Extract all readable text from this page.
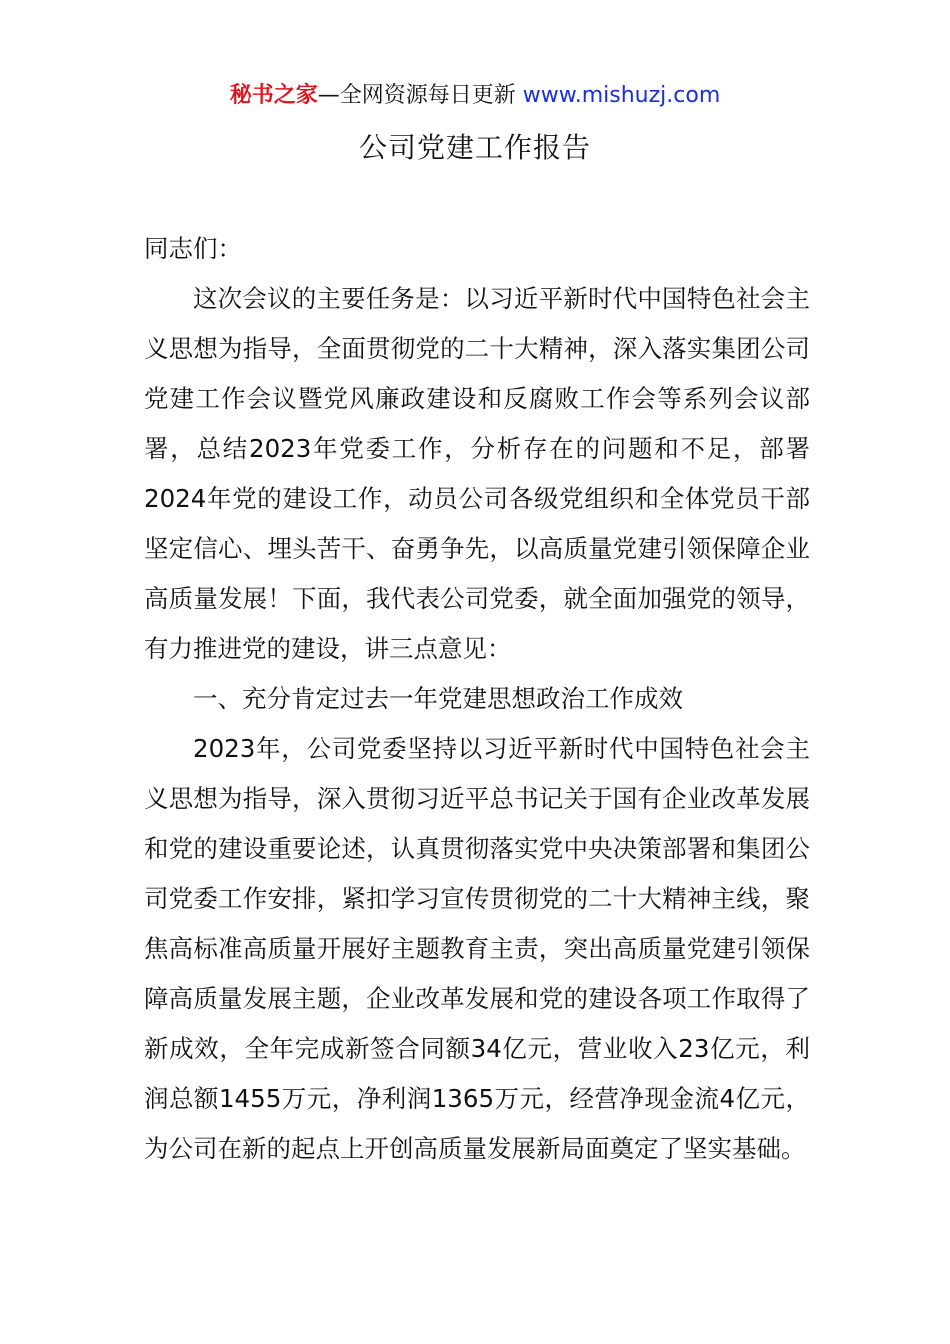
秘书之家—全网资源每日更新 www.mishuzj.com
公司党建工作报告

同志们：

这次会议的主要任务是：以习近平新时代中国特色社会主义思想为指导，全面贯彻党的二十大精神，深入落实集团公司党建工作会议暨党风廉政建设和反腐败工作会等系列会议部署，总结2023年党委工作，分析存在的问题和不足，部署2024年党的建设工作，动员公司各级党组织和全体党员干部坚定信心、埋头苦干、奋勇争先，以高质量党建引领保障企业高质量发展！下面，我代表公司党委，就全面加强党的领导，有力推进党的建设，讲三点意见：

一、充分肯定过去一年党建思想政治工作成效

2023年，公司党委坚持以习近平新时代中国特色社会主义思想为指导，深入贯彻习近平总书记关于国有企业改革发展和党的建设重要论述，认真贯彻落实党中央决策部署和集团公司党委工作安排，紧扣学习宣传贯彻党的二十大精神主线，聚焦高标准高质量开展好主题教育主责，突出高质量党建引领保障高质量发展主题，企业改革发展和党的建设各项工作取得了新成效，全年完成新签合同额34亿元，营业收入23亿元，利润总额1455万元，净利润1365万元，经营净现金流4亿元，为公司在新的起点上开创高质量发展新局面奠定了坚实基础。
